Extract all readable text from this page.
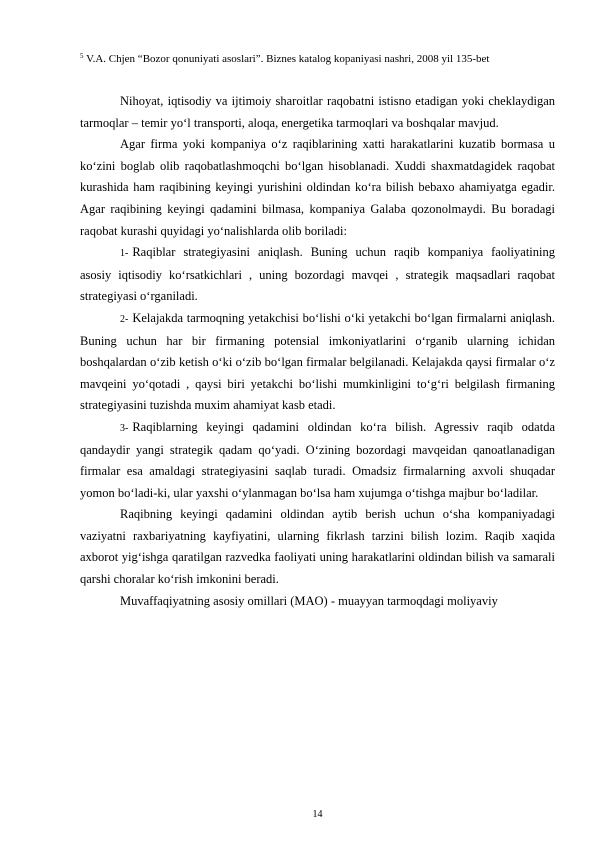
$^5$ V.A. Chjen “Bozor qonuniyati asoslari”. Biznes katalog kopaniyasi nashri, 2008 yil 135-bet

Nihoyat, iqtisodiy va ijtimoiy sharoitlar raqobatni istisno etadigan yoki cheklaydigan tarmoqlar – temir yo‘l transporti, aloqa, energetika tarmoqlari va boshqalar mavjud.

Agar firma yoki kompaniya o‘z raqiblarining xatti harakatlarini kuzatib bormasa u ko‘zini boglab olib raqobatlashmoqchi bo‘lgan hisoblanadi. Xuddi shaxmatdagidek raqobat kurashida ham raqibining keyingi yurishini oldindan ko‘ra bilish bebaxo ahamiyatga egadir. Agar raqibining keyingi qadamini bilmasa, kompaniya Galaba qozonolmaydi. Bu boradagi raqobat kurashi quyidagi yo‘nalishlarda olib boriladi:

1- Raqiblar strategiyasini aniqlash. Buning uchun raqib kompaniya faoliyatining asosiy iqtisodiy ko‘rsatkichlari , uning bozordagi mavqei , strategik maqsadlari raqobat strategiyasi o‘rganiladi.

2- Kelajakda tarmoqning yetakchisi bo‘lishi o‘ki yetakchi bo‘lgan firmalarni aniqlash. Buning uchun har bir firmaning potensial imkoniyatlarini o‘rganib ularning ichidan boshqalardan o‘zib ketish o‘ki o‘zib bo‘lgan firmalar belgilanadi. Kelajakda qaysi firmalar o‘z mavqeini yo‘qotadi , qaysi biri yetakchi bo‘lishi mumkinligini to‘g‘ri belgilash firmaning strategiyasini tuzishda muxim ahamiyat kasb etadi.

3- Raqiblarning keyingi qadamini oldindan ko‘ra bilish. Agressiv raqib odatda qandaydir yangi strategik qadam qo‘yadi. O‘zining bozordagi mavqeidan qanoatlanadigan firmalar esa amaldagi strategiyasini saqlab turadi. Omadsiz firmalarning axvoli shuqadar yomon bo‘ladi-ki, ular yaxshi o‘ylanmagan bo‘lsa ham xujumga o‘tishga majbur bo‘ladilar.

Raqibning keyingi qadamini oldindan aytib berish uchun o‘sha kompaniyadagi vaziyatni raxbariyatning kayfiyatini, ularning fikrlash tarzini bilish lozim. Raqib xaqida axborot yig‘ishga qaratilgan razvedka faoliyati uning harakatlarini oldindan bilish va samarali qarshi choralar ko‘rish imkonini beradi.

Muvaffaqiyatning asosiy omillari (MAO) - muayyan tarmoqdagi moliyaviy

14
